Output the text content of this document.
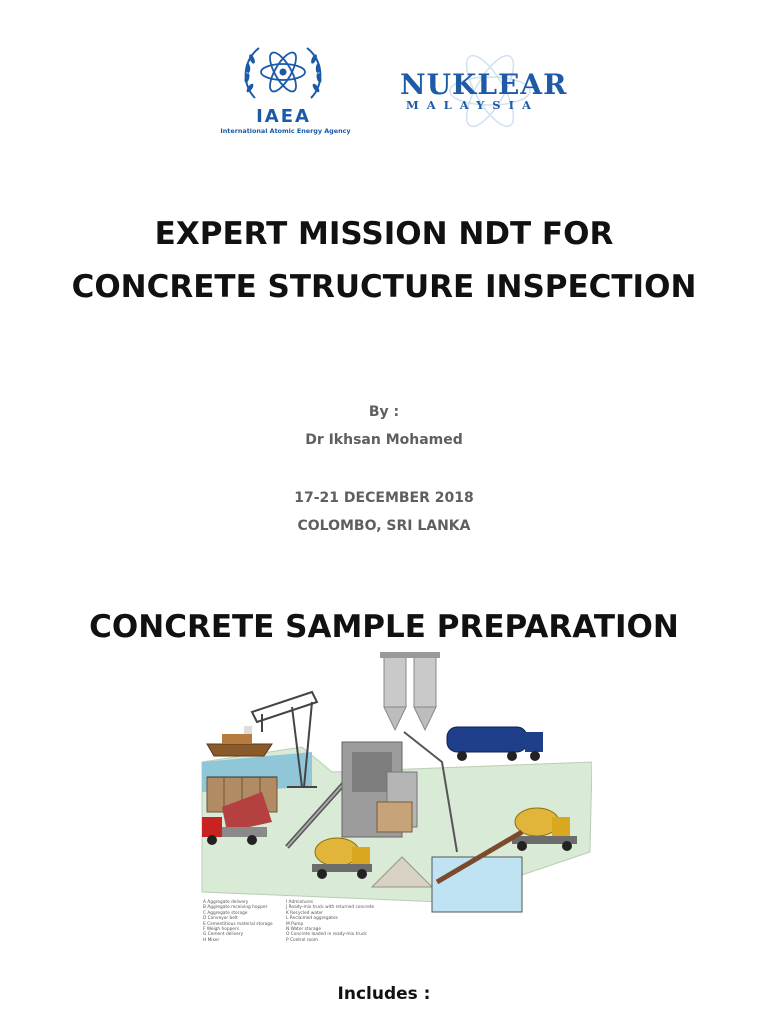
IAEA
International Atomic Energy Agency
NUKLEAR
MALAYSIA
EXPERT MISSION NDT FOR
CONCRETE STRUCTURE INSPECTION
By :
Dr Ikhsan Mohamed
17-21 DECEMBER 2018
COLOMBO, SRI LANKA
CONCRETE SAMPLE PREPARATION
A Aggregate delivery
B Aggregate receiving hopper
C Aggregate storage
D Conveyor belt
E Cementitious material storage
F Weigh hoppers
G Cement delivery
H Mixer
I Admixtures
J Ready-mix truck with returned concrete
K Recycled water
L Reclaimed aggregates
M Pump
N Water storage
O Concrete loaded in ready-mix truck
P Control room
Includes :
